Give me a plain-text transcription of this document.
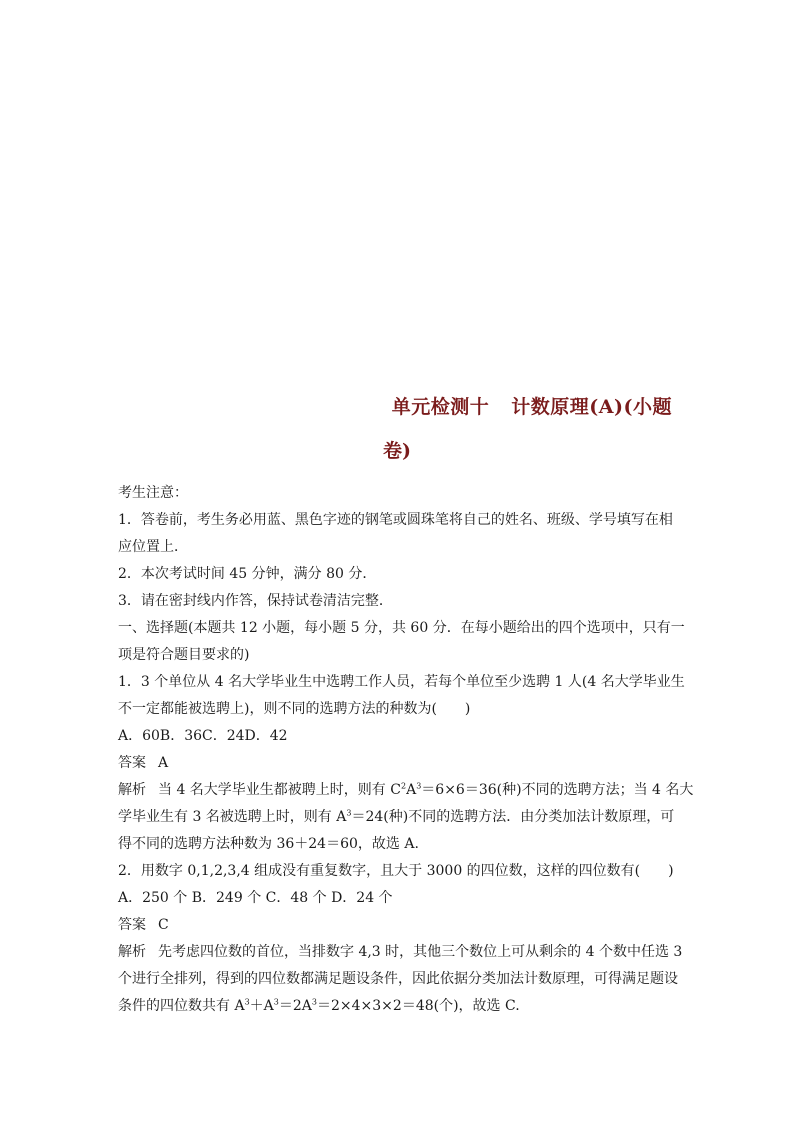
单元检测十 计数原理(A)(小题
卷)

考生注意：

1．答卷前，考生务必用蓝、黑色字迹的钢笔或圆珠笔将自己的姓名、班级、学号填写在相

应位置上．

2．本次考试时间 45 分钟，满分 80 分．

3．请在密封线内作答，保持试卷清洁完整．

一、选择题(本题共 12 小题，每小题 5 分，共 60 分．在每小题给出的四个选项中，只有一

项是符合题目要求的)

1．3 个单位从 4 名大学毕业生中选聘工作人员，若每个单位至少选聘 1 人(4 名大学毕业生

不一定都能被选聘上)，则不同的选聘方法的种数为(　　)

A．60B．36C．24D．42

答案 A

解析 当 4 名大学毕业生都被聘上时，则有 $C^2A^3=6\times 6=36$(种)不同的选聘方法；当 4 名大

学毕业生有 3 名被选聘上时，则有 $A^3=24$(种)不同的选聘方法．由分类加法计数原理，可

得不同的选聘方法种数为 36＋24＝60，故选 A.

2．用数字 0,1,2,3,4 组成没有重复数字，且大于 3000 的四位数，这样的四位数有(　　)

A．250 个 B．249 个 C．48 个 D．24 个

答案 C

解析 先考虑四位数的首位，当排数字 4,3 时，其他三个数位上可从剩余的 4 个数中任选 3

个进行全排列，得到的四位数都满足题设条件，因此依据分类加法计数原理，可得满足题设

条件的四位数共有 $A^3+A^3=2A^3=2\times 4\times 3\times 2=48$(个)，故选 C.
